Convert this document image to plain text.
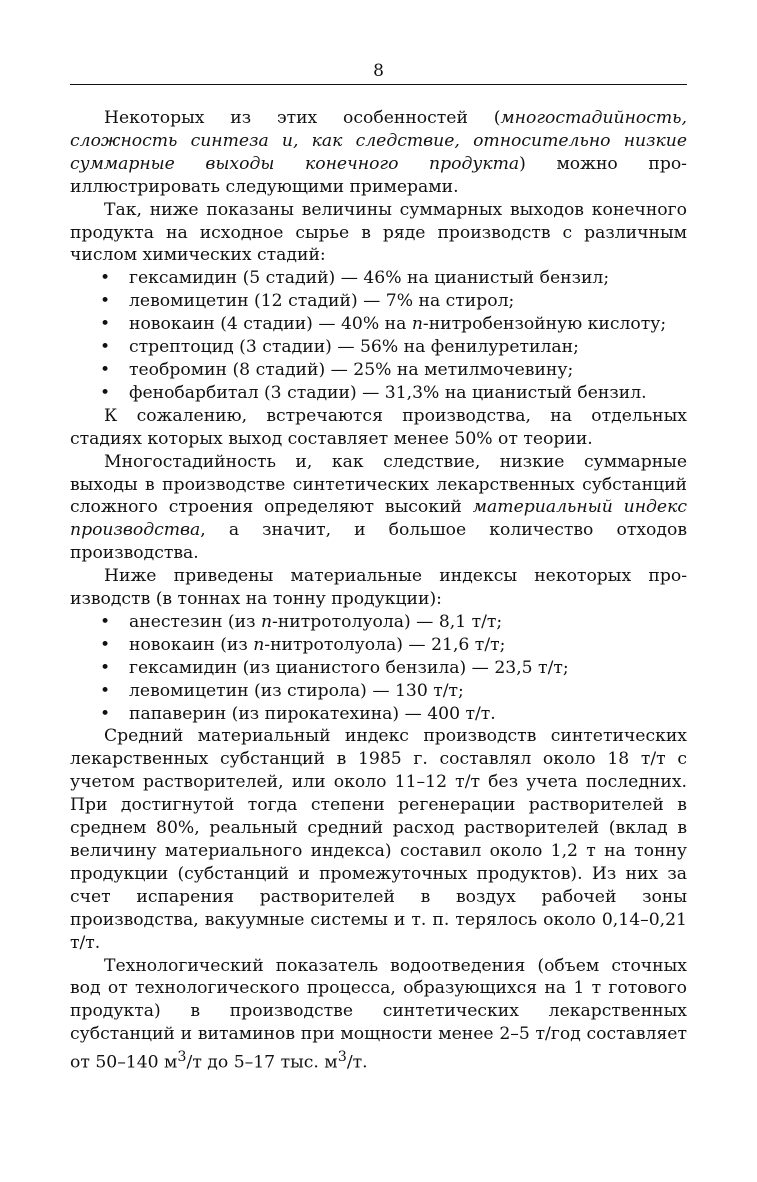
8

Некоторых из этих особенностей (многостадийность, сложность синтеза и, как следствие, относительно низкие суммарные выходы конечного продукта) можно проиллюстрировать следующими примерами.

Так, ниже показаны величины суммарных выходов конечного продукта на исходное сырье в ряде производств с различным числом химических стадий:

• гексамидин (5 стадий) — 46% на цианистый бензил;
• левомицетин (12 стадий) — 7% на стирол;
• новокаин (4 стадии) — 40% на п-нитробензойную кислоту;
• стрептоцид (3 стадии) — 56% на фенилуретилан;
• теобромин (8 стадий) — 25% на метилмочевину;
• фенобарбитал (3 стадии) — 31,3% на цианистый бензил.

К сожалению, встречаются производства, на отдельных стадиях которых выход составляет менее 50% от теории.

Многостадийность и, как следствие, низкие суммарные выходы в производстве синтетических лекарственных субстанций сложного строения определяют высокий материальный индекс производства, а значит, и большое количество отходов производства.

Ниже приведены материальные индексы некоторых производств (в тоннах на тонну продукции):

• анестезин (из п-нитротолуола) — 8,1 т/т;
• новокаин (из п-нитротолуола) — 21,6 т/т;
• гексамидин (из цианистого бензила) — 23,5 т/т;
• левомицетин (из стирола) — 130 т/т;
• папаверин (из пирокатехина) — 400 т/т.

Средний материальный индекс производств синтетических лекарственных субстанций в 1985 г. составлял около 18 т/т с учетом растворителей, или около 11–12 т/т без учета последних. При достигнутой тогда степени регенерации растворителей в среднем 80%, реальный средний расход растворителей (вклад в величину материального индекса) составил около 1,2 т на тонну продукции (субстанций и промежуточных продуктов). Из них за счет испарения растворителей в воздух рабочей зоны производства, вакуумные системы и т. п. терялось около 0,14–0,21 т/т.

Технологический показатель водоотведения (объем сточных вод от технологического процесса, образующихся на 1 т готового продукта) в производстве синтетических лекарственных субстанций и витаминов при мощности менее 2–5 т/год составляет от 50–140 $м^3/т$ до 5–17 тыс. $м^3/т$.
